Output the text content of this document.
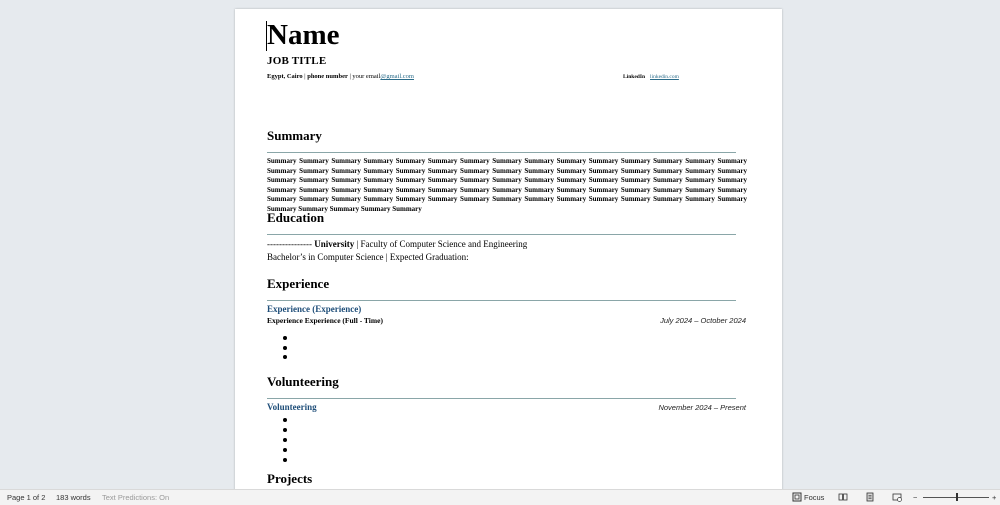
Name
JOB TITLE
Egypt, Cairo | phone number | your email@gmail.com	LinkedIn linkedin.com
Summary
Summary Summary Summary Summary Summary Summary Summary Summary Summary Summary Summary Summary Summary Summary Summary Summary Summary Summary Summary Summary Summary Summary Summary Summary Summary Summary Summary Summary Summary Summary Summary Summary Summary Summary Summary Summary Summary Summary Summary Summary Summary Summary Summary Summary Summary Summary Summary Summary Summary Summary Summary Summary Summary Summary Summary Summary Summary Summary Summary Summary Summary Summary Summary Summary Summary Summary Summary Summary Summary Summary Summary Summary Summary Summary Summary Summary Summary Summary Summary Summary
Education
--------------- University | Faculty of Computer Science and Engineering
Bachelor’s in Computer Science | Expected Graduation:
Experience
Experience (Experience)
Experience Experience (Full - Time)	July 2024 – October 2024
Volunteering
Volunteering	November 2024 – Present
Projects
Page 1 of 2 183 words Text Predictions: On	Focus	−	+
